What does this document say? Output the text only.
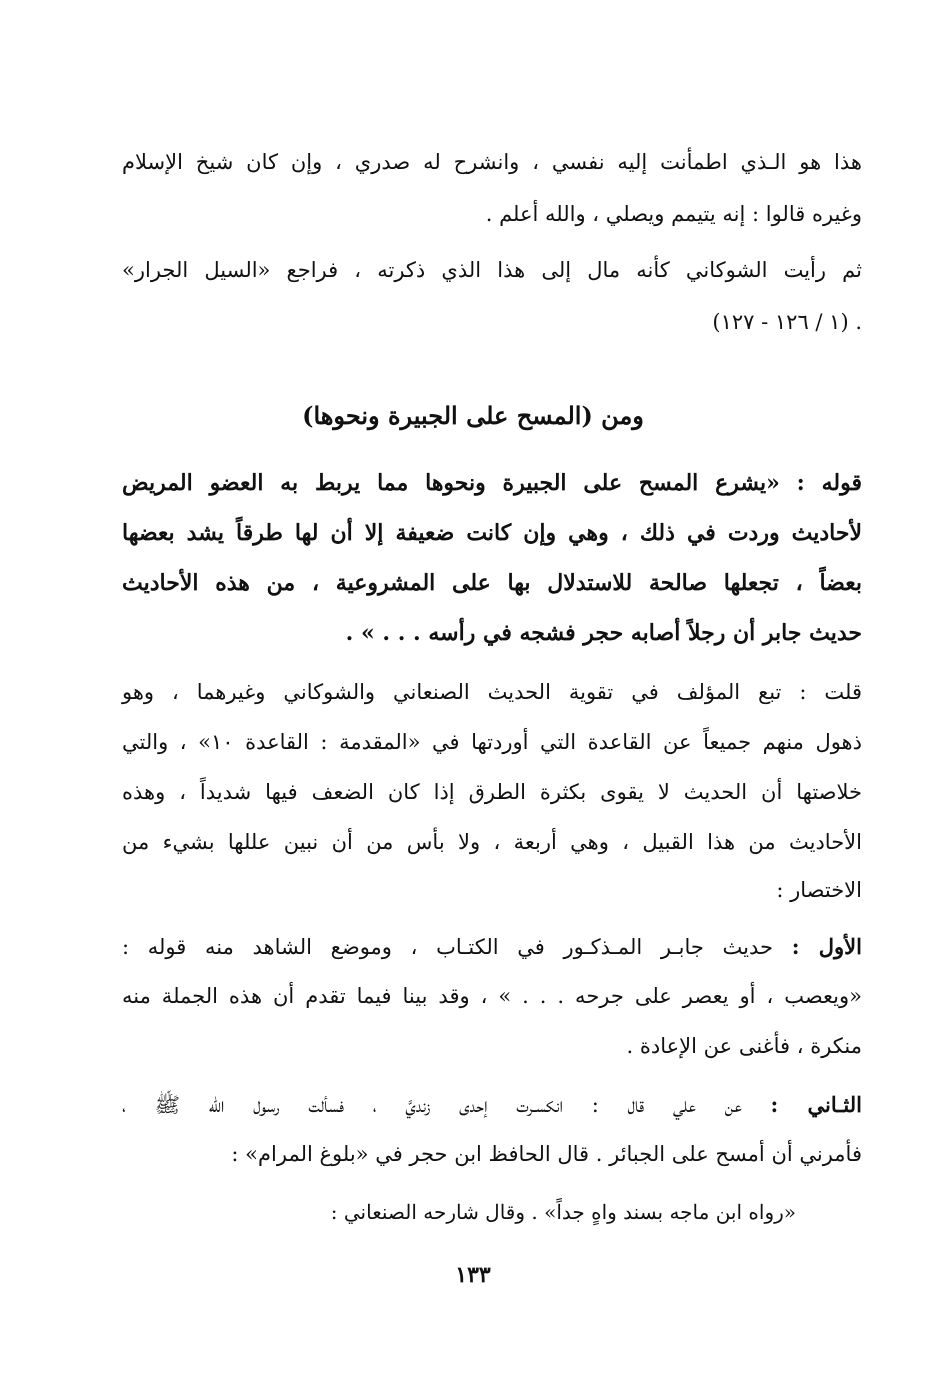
هذا هو الـذي اطمأنت إليه نفسي ، وانشرح له صدري ، وإن كان شيخ الإسلام
وغيره قالوا : إنه يتيمم ويصلي ، والله أعلم .
ثم رأيت الشوكاني كأنه مال إلى هذا الذي ذكرته ، فراجع «السيل الجرار»
(١ / ١٢٦ - ١٢٧) .
ومن (المسح على الجبيرة ونحوها)
قوله : «يشرع المسح على الجبيرة ونحوها مما يربط به العضو المريض
لأحاديث وردت في ذلك ، وهي وإن كانت ضعيفة إلا أن لها طرقاً يشد بعضها
بعضاً ، تجعلها صالحة للاستدلال بها على المشروعية ، من هذه الأحاديث
حديث جابر أن رجلاً أصابه حجر فشجه في رأسه . . . » .
قلت : تبع المؤلف في تقوية الحديث الصنعاني والشوكاني وغيرهما ، وهو
ذهول منهم جميعاً عن القاعدة التي أوردتها في «المقدمة : القاعدة ١٠» ، والتي
خلاصتها أن الحديث لا يقوى بكثرة الطرق إذا كان الضعف فيها شديداً ، وهذه
الأحاديث من هذا القبيل ، وهي أربعة ، ولا بأس من أن نبين عللها بشيء من
الاختصار :
الأول : حديث جابـر المـذكـور في الكتـاب ، وموضع الشاهد منه قوله :
«ويعصب ، أو يعصر على جرحه . . . » ، وقد بينا فيما تقدم أن هذه الجملة منه
منكرة ، فأغنى عن الإعادة .
الثـاني : عن علي قال : انكسـرت إحدى زنديَّ ، فسألت رسول الله ﷺ ،
فأمرني أن أمسح على الجبائر . قال الحافظ ابن حجر في «بلوغ المرام» :
«رواه ابن ماجه بسند واهٍ جداً» . وقال شارحه الصنعاني :
١٣٣
